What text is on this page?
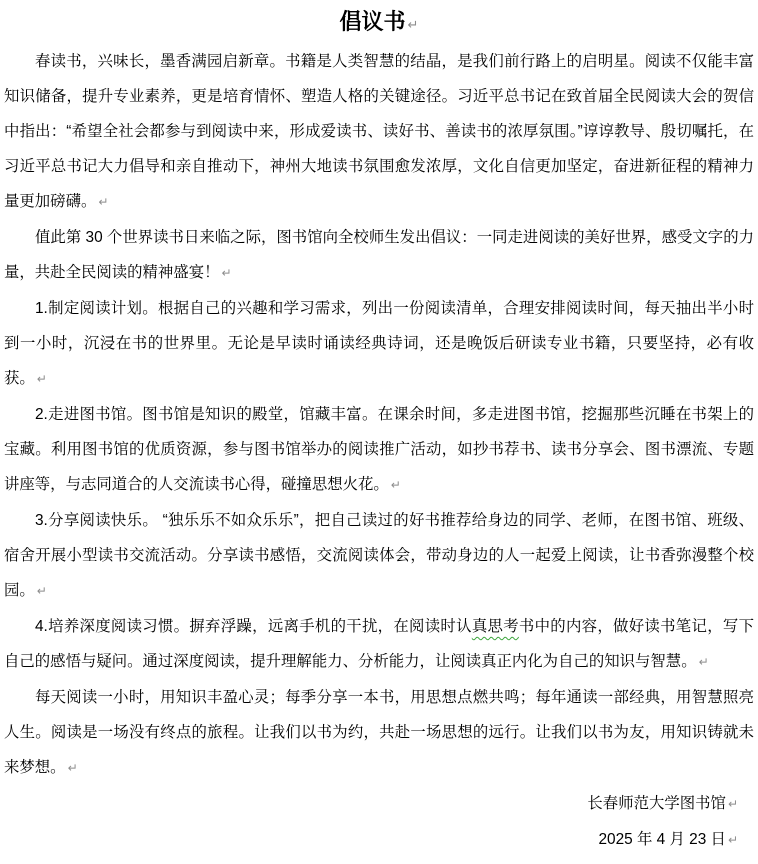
倡议书 ↵

春读书，兴味长，墨香满园启新章。书籍是人类智慧的结晶，是我们前行路上的启明星。阅读不仅能丰富知识储备，提升专业素养，更是培育情怀、塑造人格的关键途径。习近平总书记在致首届全民阅读大会的贺信中指出：“希望全社会都参与到阅读中来，形成爱读书、读好书、善读书的浓厚氛围。”谆谆教导、殷切嘱托，在习近平总书记大力倡导和亲自推动下，神州大地读书氛围愈发浓厚，文化自信更加坚定，奋进新征程的精神力量更加磅礴。 ↵

值此第 30 个世界读书日来临之际，图书馆向全校师生发出倡议：一同走进阅读的美好世界，感受文字的力量，共赴全民阅读的精神盛宴！ ↵

1.制定阅读计划。根据自己的兴趣和学习需求，列出一份阅读清单，合理安排阅读时间，每天抽出半小时到一小时，沉浸在书的世界里。无论是早读时诵读经典诗词，还是晚饭后研读专业书籍，只要坚持，必有收获。 ↵

2.走进图书馆。图书馆是知识的殿堂，馆藏丰富。在课余时间，多走进图书馆，挖掘那些沉睡在书架上的宝藏。利用图书馆的优质资源，参与图书馆举办的阅读推广活动，如抄书荐书、读书分享会、图书漂流、专题讲座等，与志同道合的人交流读书心得，碰撞思想火花。 ↵

3.分享阅读快乐。 “独乐乐不如众乐乐”，把自己读过的好书推荐给身边的同学、老师，在图书馆、班级、宿舍开展小型读书交流活动。分享读书感悟，交流阅读体会，带动身边的人一起爱上阅读，让书香弥漫整个校园。 ↵

4.培养深度阅读习惯。摒弃浮躁，远离手机的干扰，在阅读时认真思考书中的内容，做好读书笔记，写下自己的感悟与疑问。通过深度阅读，提升理解能力、分析能力，让阅读真正内化为自己的知识与智慧。 ↵

每天阅读一小时，用知识丰盈心灵；每季分享一本书，用思想点燃共鸣；每年通读一部经典，用智慧照亮人生。阅读是一场没有终点的旅程。让我们以书为约，共赴一场思想的远行。让我们以书为友，用知识铸就未来梦想。 ↵

长春师范大学图书馆 ↵

2025 年 4 月 23 日 ↵
